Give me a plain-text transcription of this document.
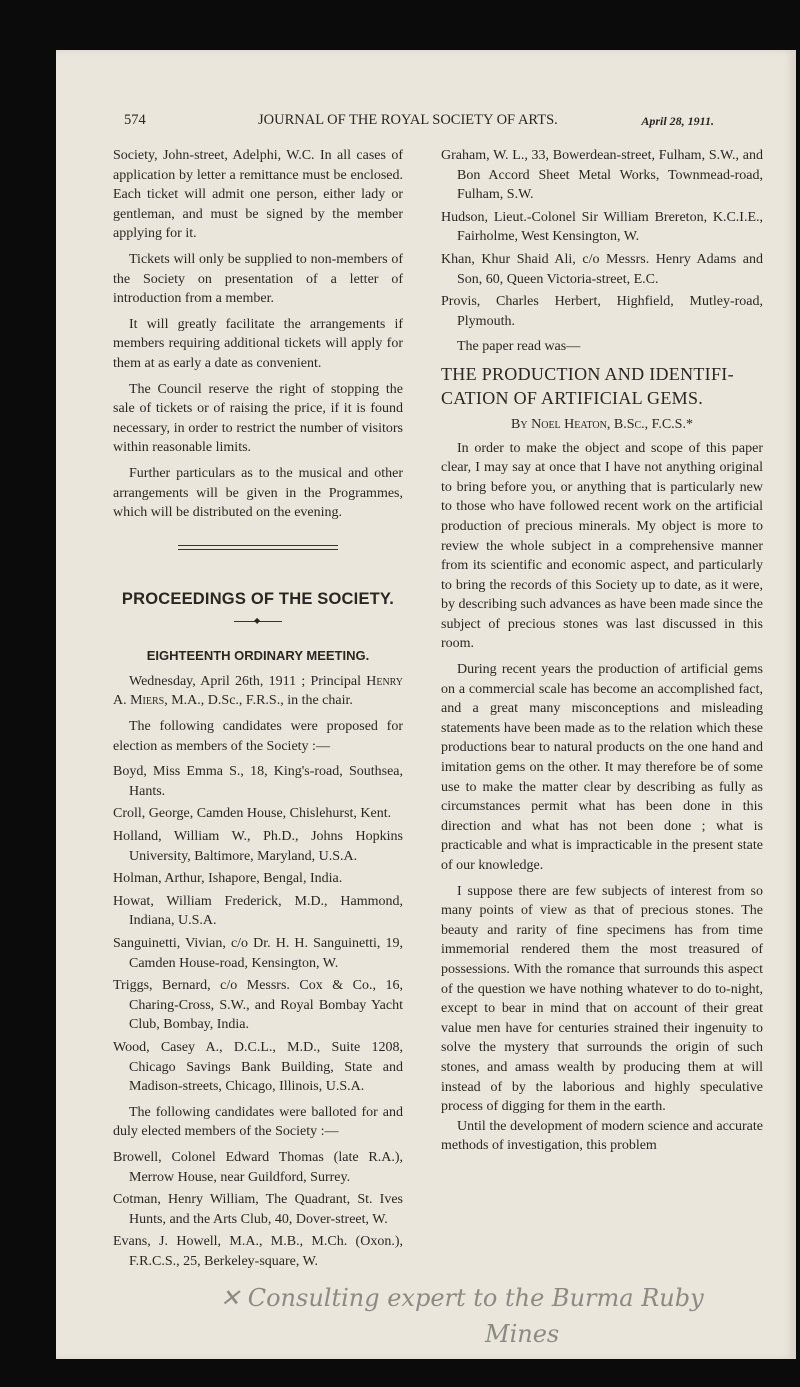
574	JOURNAL OF THE ROYAL SOCIETY OF ARTS.	April 28, 1911.

Society, John-street, Adelphi, W.C. In all cases of application by letter a remittance must be enclosed. Each ticket will admit one person, either lady or gentleman, and must be signed by the member applying for it.

Tickets will only be supplied to non-members of the Society on presentation of a letter of introduction from a member.

It will greatly facilitate the arrangements if members requiring additional tickets will apply for them at as early a date as convenient.

The Council reserve the right of stopping the sale of tickets or of raising the price, if it is found necessary, in order to restrict the number of visitors within reasonable limits.

Further particulars as to the musical and other arrangements will be given in the Programmes, which will be distributed on the evening.

PROCEEDINGS OF THE SOCIETY.
◆
EIGHTEENTH ORDINARY MEETING.

Wednesday, April 26th, 1911 ; Principal Henry A. Miers, M.A., D.Sc., F.R.S., in the chair.

The following candidates were proposed for election as members of the Society :—

Boyd, Miss Emma S., 18, King's-road, Southsea, Hants.

Croll, George, Camden House, Chislehurst, Kent.

Holland, William W., Ph.D., Johns Hopkins University, Baltimore, Maryland, U.S.A.

Holman, Arthur, Ishapore, Bengal, India.

Howat, William Frederick, M.D., Hammond, Indiana, U.S.A.

Sanguinetti, Vivian, c/o Dr. H. H. Sanguinetti, 19, Camden House-road, Kensington, W.

Triggs, Bernard, c/o Messrs. Cox & Co., 16, Charing-Cross, S.W., and Royal Bombay Yacht Club, Bombay, India.

Wood, Casey A., D.C.L., M.D., Suite 1208, Chicago Savings Bank Building, State and Madison-streets, Chicago, Illinois, U.S.A.

The following candidates were balloted for and duly elected members of the Society :—

Browell, Colonel Edward Thomas (late R.A.), Merrow House, near Guildford, Surrey.

Cotman, Henry William, The Quadrant, St. Ives Hunts, and the Arts Club, 40, Dover-street, W.

Evans, J. Howell, M.A., M.B., M.Ch. (Oxon.), F.R.C.S., 25, Berkeley-square, W.

Graham, W. L., 33, Bowerdean-street, Fulham, S.W., and Bon Accord Sheet Metal Works, Townmead-road, Fulham, S.W.

Hudson, Lieut.-Colonel Sir William Brereton, K.C.I.E., Fairholme, West Kensington, W.

Khan, Khur Shaid Ali, c/o Messrs. Henry Adams and Son, 60, Queen Victoria-street, E.C.

Provis, Charles Herbert, Highfield, Mutley-road, Plymouth.

The paper read was—

THE PRODUCTION AND IDENTIFICATION OF ARTIFICIAL GEMS.
By Noel Heaton, B.Sc., F.C.S.*

In order to make the object and scope of this paper clear, I may say at once that I have not anything original to bring before you, or anything that is particularly new to those who have followed recent work on the artificial production of precious minerals. My object is more to review the whole subject in a comprehensive manner from its scientific and economic aspect, and particularly to bring the records of this Society up to date, as it were, by describing such advances as have been made since the subject of precious stones was last discussed in this room.

During recent years the production of artificial gems on a commercial scale has become an accomplished fact, and a great many misconceptions and misleading statements have been made as to the relation which these productions bear to natural products on the one hand and imitation gems on the other. It may therefore be of some use to make the matter clear by describing as fully as circumstances permit what has been done in this direction and what has not been done ; what is practicable and what is impracticable in the present state of our knowledge.

I suppose there are few subjects of interest from so many points of view as that of precious stones. The beauty and rarity of fine specimens has from time immemorial rendered them the most treasured of possessions. With the romance that surrounds this aspect of the question we have nothing whatever to do to-night, except to bear in mind that on account of their great value men have for centuries strained their ingenuity to solve the mystery that surrounds the origin of such stones, and amass wealth by producing them at will instead of by the laborious and highly speculative process of digging for them in the earth.

Until the development of modern science and accurate methods of investigation, this problem

✕ Consulting expert to the Burma Ruby
Mines
